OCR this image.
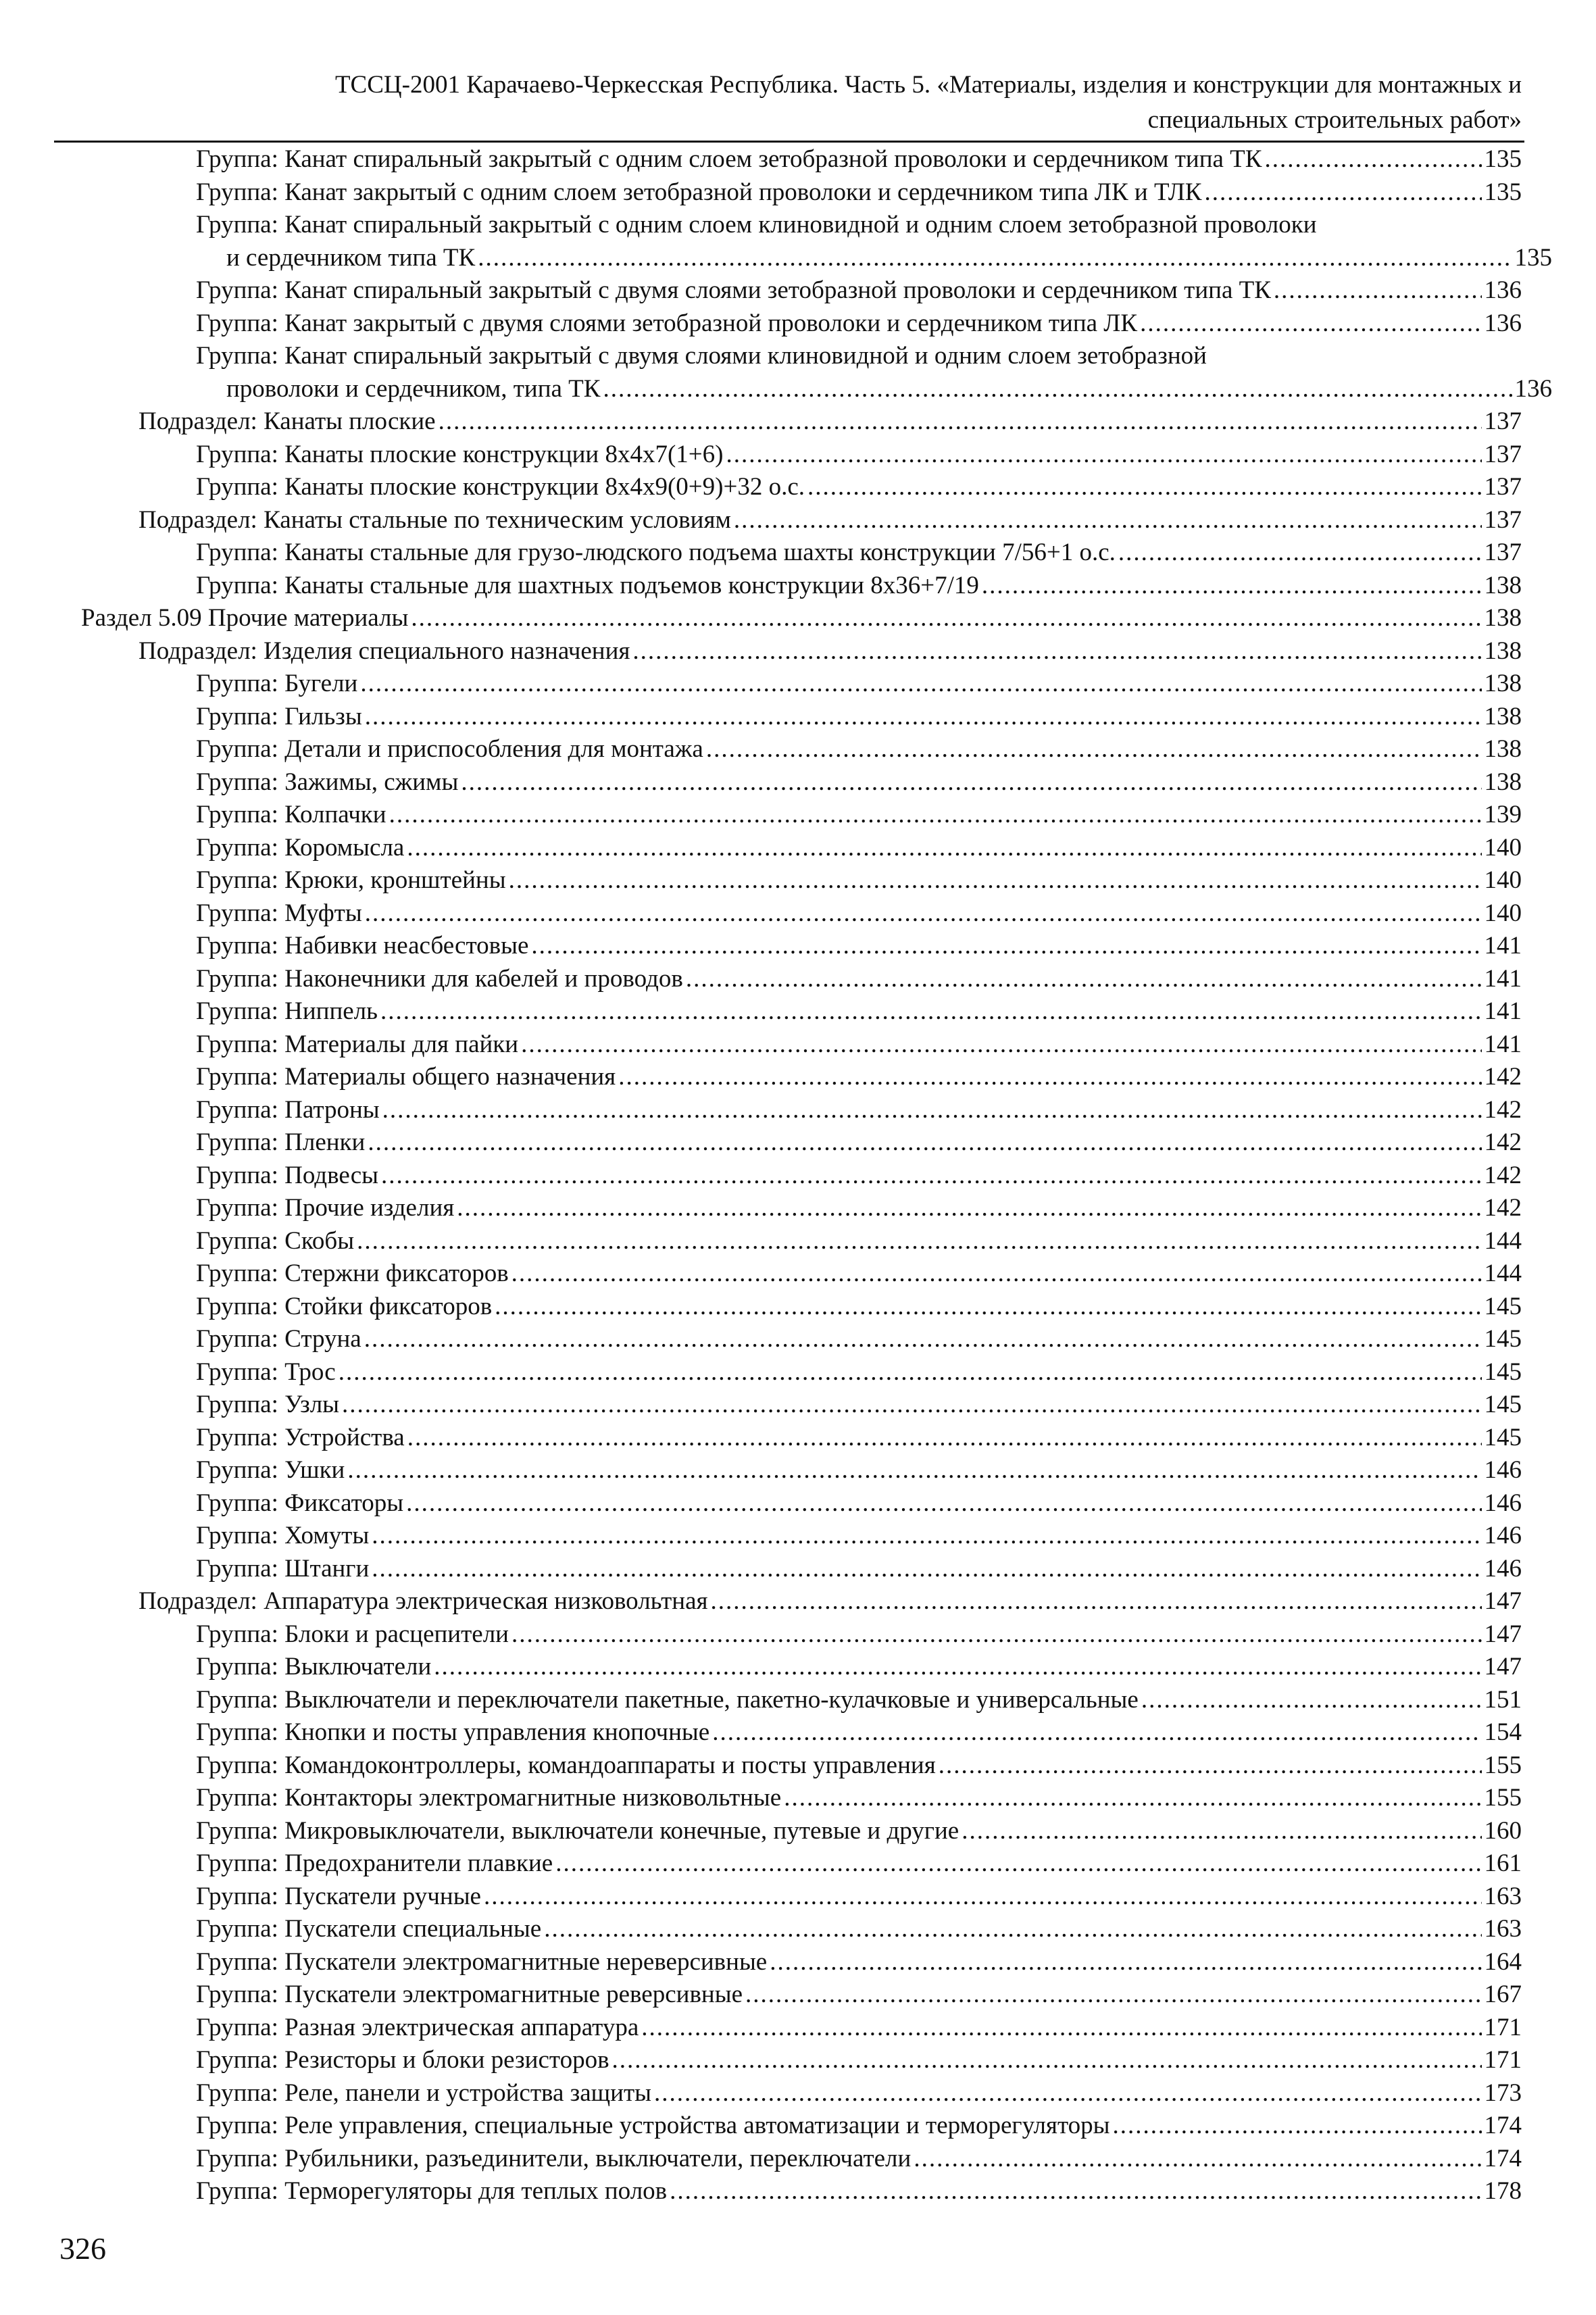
ТССЦ-2001 Карачаево-Черкесская Республика. Часть 5. «Материалы, изделия и конструкции для монтажных и
специальных строительных работ»
Группа: Канат спиральный закрытый с одним слоем зетобразной проволоки и сердечником типа ТК .....	135
Группа: Канат закрытый с одним слоем зетобразной проволоки и сердечником типа ЛК и ТЛК .....	135
Группа: Канат спиральный закрытый с одним слоем клиновидной и одним слоем зетобразной проволоки
и сердечником типа ТК .....	135
Группа: Канат спиральный закрытый с двумя слоями зетобразной проволоки и сердечником типа ТК .....	136
Группа: Канат закрытый с двумя слоями зетобразной проволоки и сердечником типа ЛК .....	136
Группа: Канат спиральный закрытый с двумя слоями клиновидной и одним слоем зетобразной
проволоки и сердечником, типа ТК .....	136
Подраздел: Канаты плоские .....	137
Группа: Канаты плоские конструкции 8х4х7(1+6) .....	137
Группа: Канаты плоские конструкции 8х4х9(0+9)+32 о.с. .....	137
Подраздел: Канаты стальные по техническим условиям .....	137
Группа: Канаты стальные для грузо-людского подъема шахты конструкции 7/56+1 о.с. .....	137
Группа: Канаты стальные для шахтных подъемов конструкции 8х36+7/19 .....	138
Раздел 5.09 Прочие материалы .....	138
Подраздел: Изделия специального назначения .....	138
Группа: Бугели .....	138
Группа: Гильзы .....	138
Группа: Детали и приспособления для монтажа .....	138
Группа: Зажимы, сжимы .....	138
Группа: Колпачки .....	139
Группа: Коромысла .....	140
Группа: Крюки, кронштейны .....	140
Группа: Муфты .....	140
Группа: Набивки неасбестовые .....	141
Группа: Наконечники для кабелей и проводов .....	141
Группа: Ниппель .....	141
Группа: Материалы для пайки .....	141
Группа: Материалы общего назначения .....	142
Группа: Патроны .....	142
Группа: Пленки .....	142
Группа: Подвесы .....	142
Группа: Прочие изделия .....	142
Группа: Скобы .....	144
Группа: Стержни фиксаторов .....	144
Группа: Стойки фиксаторов .....	145
Группа: Струна .....	145
Группа: Трос .....	145
Группа: Узлы .....	145
Группа: Устройства .....	145
Группа: Ушки .....	146
Группа: Фиксаторы .....	146
Группа: Хомуты .....	146
Группа: Штанги .....	146
Подраздел: Аппаратура электрическая низковольтная .....	147
Группа: Блоки и расцепители .....	147
Группа: Выключатели .....	147
Группа: Выключатели и переключатели пакетные, пакетно-кулачковые и универсальные .....	151
Группа: Кнопки и посты управления кнопочные .....	154
Группа: Командоконтроллеры, командоаппараты и посты управления .....	155
Группа: Контакторы электромагнитные низковольтные .....	155
Группа: Микровыключатели, выключатели конечные, путевые и другие .....	160
Группа: Предохранители плавкие .....	161
Группа: Пускатели ручные .....	163
Группа: Пускатели специальные .....	163
Группа: Пускатели электромагнитные нереверсивные .....	164
Группа: Пускатели электромагнитные реверсивные .....	167
Группа: Разная электрическая аппаратура .....	171
Группа: Резисторы и блоки резисторов .....	171
Группа: Реле, панели и устройства защиты .....	173
Группа: Реле управления, специальные устройства автоматизации и терморегуляторы .....	174
Группа: Рубильники, разъединители, выключатели, переключатели .....	174
Группа: Терморегуляторы для теплых полов .....	178
326
